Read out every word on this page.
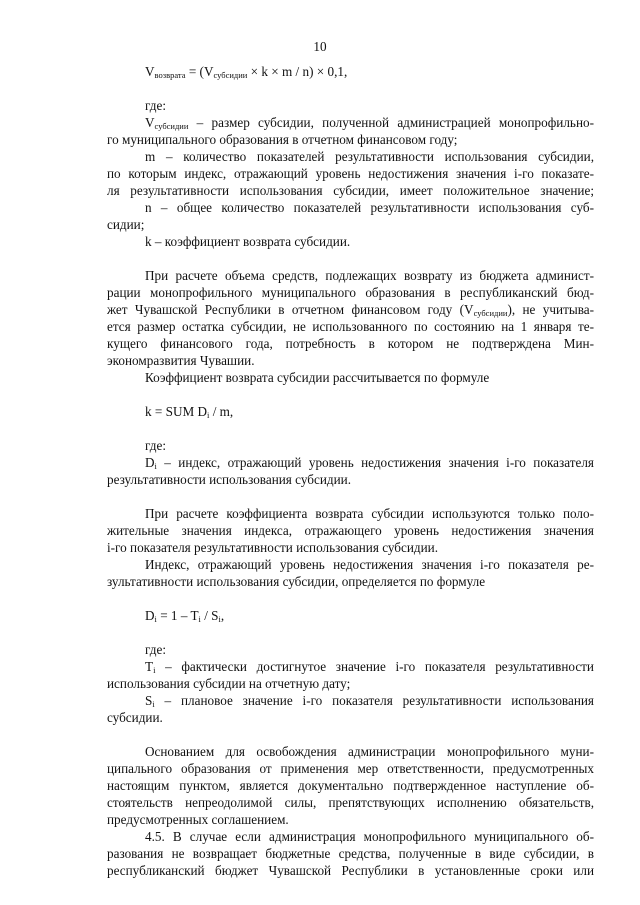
10
$V_{возврата} = (V_{субсидии} \times k \times m / n) \times 0,1$,
где:
$V_{субсидии}$ – размер субсидии, полученной администрацией монопрофильно-
го муниципального образования в отчетном финансовом году;
m – количество показателей результативности использования субсидии,
по которым индекс, отражающий уровень недостижения значения i-го показате-
ля результативности использования субсидии, имеет положительное значение;
n – общее количество показателей результативности использования суб-
сидии;
k – коэффициент возврата субсидии.
При расчете объема средств, подлежащих возврату из бюджета админист-
рации монопрофильного муниципального образования в республиканский бюд-
жет Чувашской Республики в отчетном финансовом году $(V_{субсидии})$, не учитыва-
ется размер остатка субсидии, не использованного по состоянию на 1 января те-
кущего финансового года, потребность в котором не подтверждена Мин-
экономразвития Чувашии.
Коэффициент возврата субсидии рассчитывается по формуле
k = SUM $D_i$ / m,
где:
$D_i$ – индекс, отражающий уровень недостижения значения i-го показателя
результативности использования субсидии.
При расчете коэффициента возврата субсидии используются только поло-
жительные значения индекса, отражающего уровень недостижения значения
i-го показателя результативности использования субсидии.
Индекс, отражающий уровень недостижения значения i-го показателя ре-
зультативности использования субсидии, определяется по формуле
$D_i = 1 - T_i / S_i$,
где:
$T_i$ – фактически достигнутое значение i-го показателя результативности
использования субсидии на отчетную дату;
$S_i$ – плановое значение i-го показателя результативности использования
субсидии.
Основанием для освобождения администрации монопрофильного муни-
ципального образования от применения мер ответственности, предусмотренных
настоящим пунктом, является документально подтвержденное наступление об-
стоятельств непреодолимой силы, препятствующих исполнению обязательств,
предусмотренных соглашением.
4.5. В случае если администрация монопрофильного муниципального об-
разования не возвращает бюджетные средства, полученные в виде субсидии, в
республиканский бюджет Чувашской Республики в установленные сроки или
